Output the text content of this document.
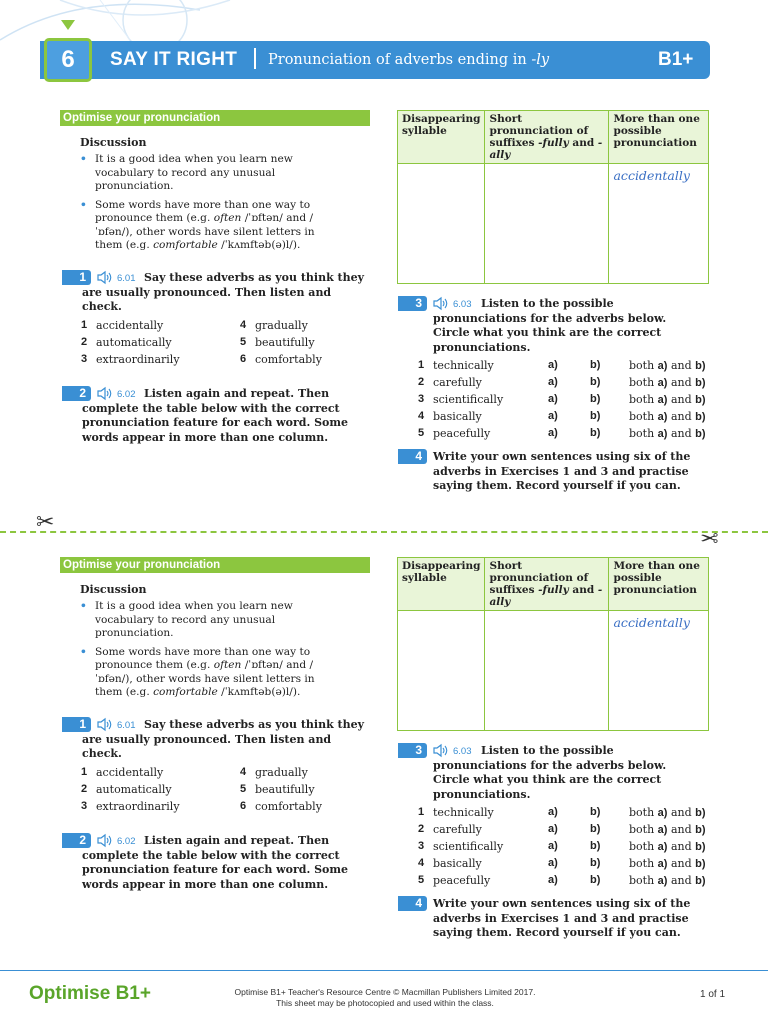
6	SAY IT RIGHT Pronunciation of adverbs ending in -ly	B1+
Optimise your pronunciation
Discussion
• It is a good idea when you learn new vocabulary to record any unusual pronunciation.
• Some words have more than one way to pronounce them (e.g. often /ˈɒftən/ and /ˈɒfən/), other words have silent letters in them (e.g. comfortable /ˈkʌmftəb(ə)l/).
1	6.01 Say these adverbs as you think they are usually pronounced. Then listen and check.
1 accidentally
2 automatically
3 extraordinarily
4 gradually
5 beautifully
6 comfortably
2	6.02 Listen again and repeat. Then complete the table below with the correct pronunciation feature for each word. Some words appear in more than one column.
Disappearing syllable	Short pronunciation of suffixes -fully and -ally	More than one possible pronunciation
		accidentally
3	6.03 Listen to the possible pronunciations for the adverbs below. Circle what you think are the correct pronunciations.
1 technically	a)	b)	both a) and b)
2 carefully	a)	b)	both a) and b)
3 scientifically	a)	b)	both a) and b)
4 basically	a)	b)	both a) and b)
5 peacefully	a)	b)	both a) and b)
4	Write your own sentences using six of the adverbs in Exercises 1 and 3 and practise saying them. Record yourself if you can.
✂
✂
Optimise your pronunciation
Discussion
• It is a good idea when you learn new vocabulary to record any unusual pronunciation.
• Some words have more than one way to pronounce them (e.g. often /ˈɒftən/ and /ˈɒfən/), other words have silent letters in them (e.g. comfortable /ˈkʌmftəb(ə)l/).
1	6.01 Say these adverbs as you think they are usually pronounced. Then listen and check.
1 accidentally
2 automatically
3 extraordinarily
4 gradually
5 beautifully
6 comfortably
2	6.02 Listen again and repeat. Then complete the table below with the correct pronunciation feature for each word. Some words appear in more than one column.
Disappearing syllable	Short pronunciation of suffixes -fully and -ally	More than one possible pronunciation
		accidentally
3	6.03 Listen to the possible pronunciations for the adverbs below. Circle what you think are the correct pronunciations.
1 technically	a)	b)	both a) and b)
2 carefully	a)	b)	both a) and b)
3 scientifically	a)	b)	both a) and b)
4 basically	a)	b)	both a) and b)
5 peacefully	a)	b)	both a) and b)
4	Write your own sentences using six of the adverbs in Exercises 1 and 3 and practise saying them. Record yourself if you can.
Optimise B1+	Optimise B1+ Teacher's Resource Centre © Macmillan Publishers Limited 2017.
This sheet may be photocopied and used within the class.
1 of 1
